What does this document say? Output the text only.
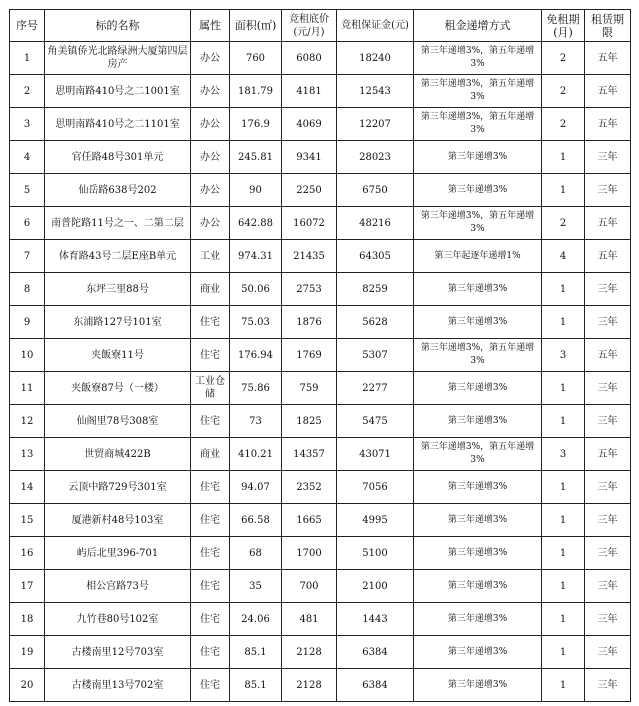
序号	标的名称	属性	面积(㎡)	竞租底价(元/月)	竞租保证金(元)	租金递增方式	免租期(月)	租赁期限
1	角美镇侨光北路绿洲大厦第四层房产	办公	760	6080	18240	第三年递增3%，第五年递增3%	2	五年
2	思明南路410号之二1001室	办公	181.79	4181	12543	第三年递增3%，第五年递增3%	2	五年
3	思明南路410号之二1101室	办公	176.9	4069	12207	第三年递增3%，第五年递增3%	2	五年
4	官任路48号301单元	办公	245.81	9341	28023	第三年递增3%	1	三年
5	仙岳路638号202	办公	90	2250	6750	第三年递增3%	1	三年
6	南普陀路11号之一、二第二层	办公	642.88	16072	48216	第三年递增3%，第五年递增3%	2	五年
7	体育路43号二层E座B单元	工业	974.31	21435	64305	第三年起逐年递增1%	4	五年
8	东坪三里88号	商业	50.06	2753	8259	第三年递增3%	1	三年
9	东浦路127号101室	住宅	75.03	1876	5628	第三年递增3%	1	三年
10	夹飯寮11号	住宅	176.94	1769	5307	第三年递增3%，第五年递增3%	3	五年
11	夹飯寮87号（一楼）	工业仓储	75.86	759	2277	第三年递增3%	1	三年
12	仙阁里78号308室	住宅	73	1825	5475	第三年递增3%	1	三年
13	世贸商城422B	商业	410.21	14357	43071	第三年递增3%，第五年递增3%	3	五年
14	云顶中路729号301室	住宅	94.07	2352	7056	第三年递增3%	1	三年
15	厦港新村48号103室	住宅	66.58	1665	4995	第三年递增3%	1	三年
16	屿后北里396-701	住宅	68	1700	5100	第三年递增3%	1	三年
17	相公宫路73号	住宅	35	700	2100	第三年递增3%	1	三年
18	九竹巷80号102室	住宅	24.06	481	1443	第三年递增3%	1	三年
19	古楼南里12号703室	住宅	85.1	2128	6384	第三年递增3%	1	三年
20	古楼南里13号702室	住宅	85.1	2128	6384	第三年递增3%	1	三年
